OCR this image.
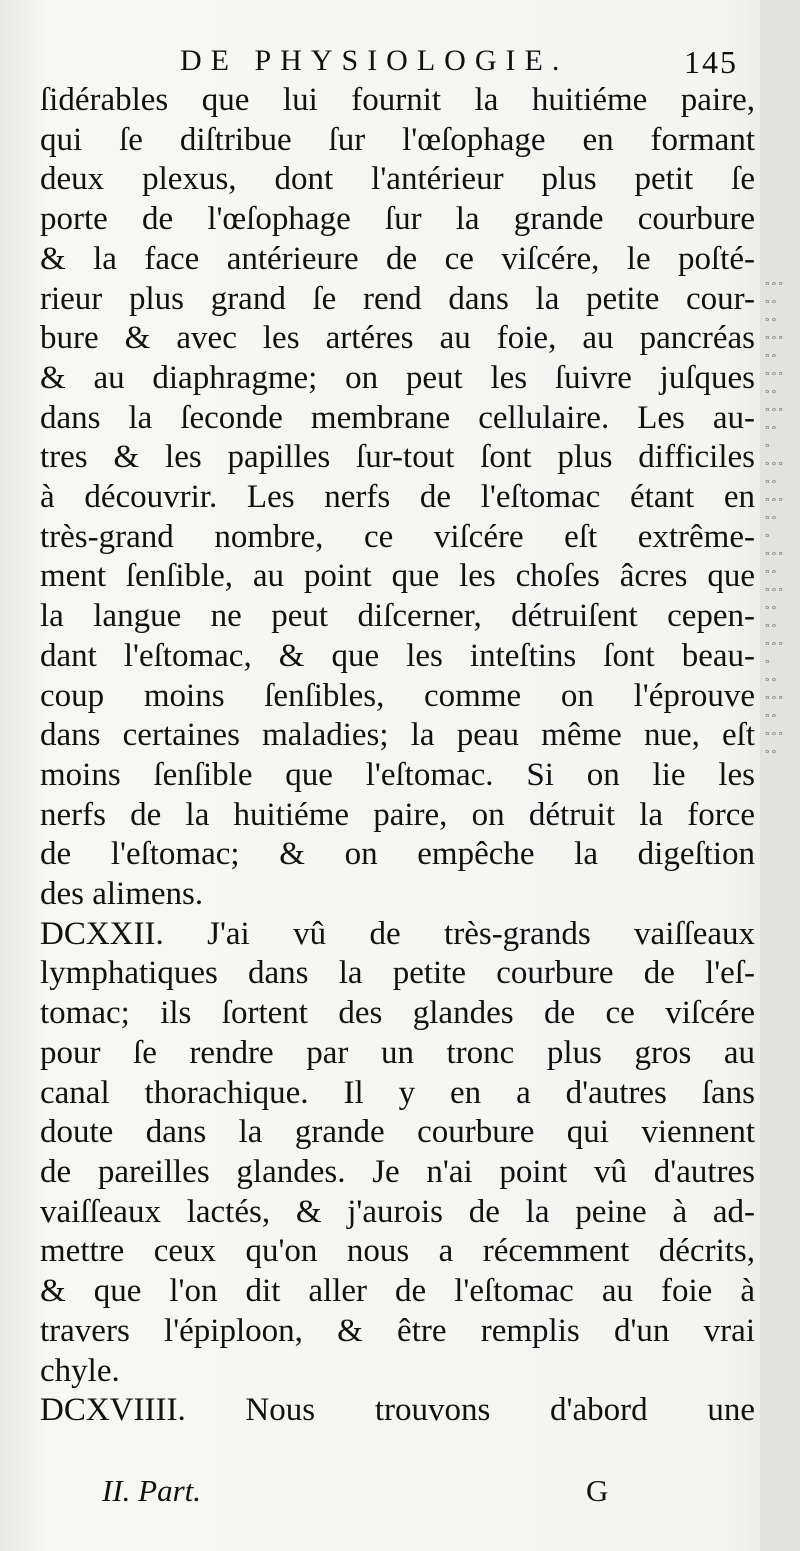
°°°
°°
°°
°°°
°°
°°°
°°
°°°
°°
°
°°°
°°
°°°
°°
°
°°°
°°
°°°
°°
°°
°°°
°
°°
°°°
°°
°°°
°°

DE PHYSIOLOGIE.	145
ſidérables que lui fournit la huitiéme paire,
qui ſe diſtribue ſur l'œſophage en formant
deux plexus, dont l'antérieur plus petit ſe
porte de l'œſophage ſur la grande courbure
& la face antérieure de ce viſcére, le poſté-
rieur plus grand ſe rend dans la petite cour-
bure & avec les artéres au foie, au pancréas
& au diaphragme; on peut les ſuivre juſques
dans la ſeconde membrane cellulaire. Les au-
tres & les papilles ſur-tout ſont plus difficiles
à découvrir. Les nerfs de l'eſtomac étant en
très-grand nombre, ce viſcére eſt extrême-
ment ſenſible, au point que les choſes âcres que
la langue ne peut diſcerner, détruiſent cepen-
dant l'eſtomac, & que les inteſtins ſont beau-
coup moins ſenſibles, comme on l'éprouve
dans certaines maladies; la peau même nue, eſt
moins ſenſible que l'eſtomac. Si on lie les
nerfs de la huitiéme paire, on détruit la force
de l'eſtomac; & on empêche la digeſtion
des alimens.
DCXXII. J'ai vû de très-grands vaiſſeaux
lymphatiques dans la petite courbure de l'eſ-
tomac; ils ſortent des glandes de ce viſcére
pour ſe rendre par un tronc plus gros au
canal thorachique. Il y en a d'autres ſans
doute dans la grande courbure qui viennent
de pareilles glandes. Je n'ai point vû d'autres
vaiſſeaux lactés, & j'aurois de la peine à ad-
mettre ceux qu'on nous a récemment décrits,
& que l'on dit aller de l'eſtomac au foie à
travers l'épiploon, & être remplis d'un vrai
chyle.
DCXVIIII. Nous trouvons d'abord une
II. Part.	G
